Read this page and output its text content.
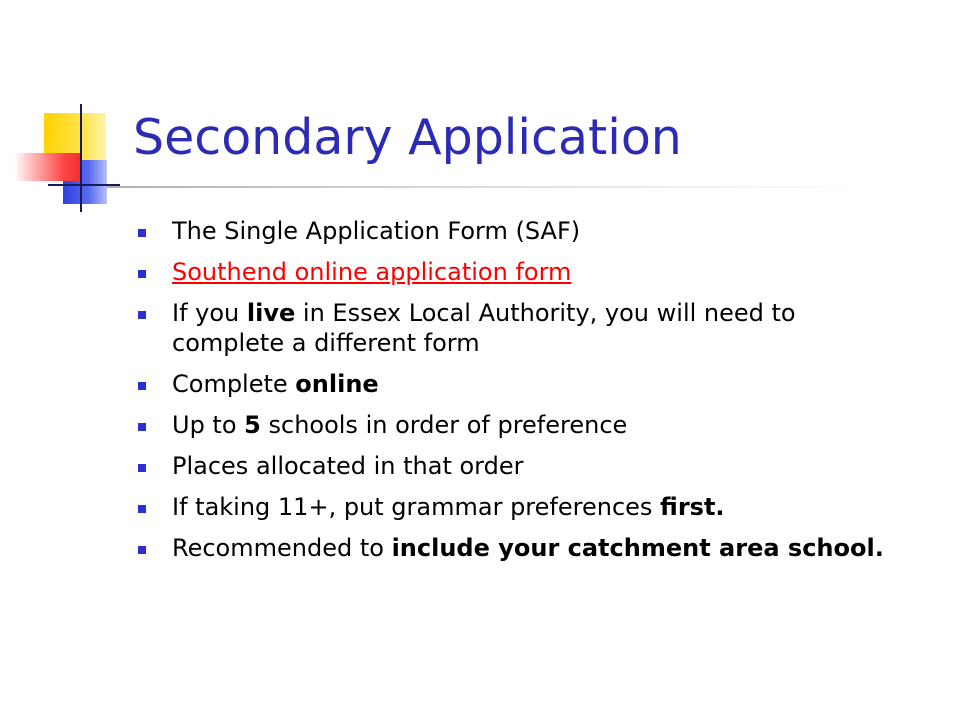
Secondary Application
The Single Application Form (SAF)
Southend online application form
If you live in Essex Local Authority, you will need to complete a different form
Complete online
Up to 5 schools in order of preference
Places allocated in that order
If taking 11+, put grammar preferences first.
Recommended to include your catchment area school.
